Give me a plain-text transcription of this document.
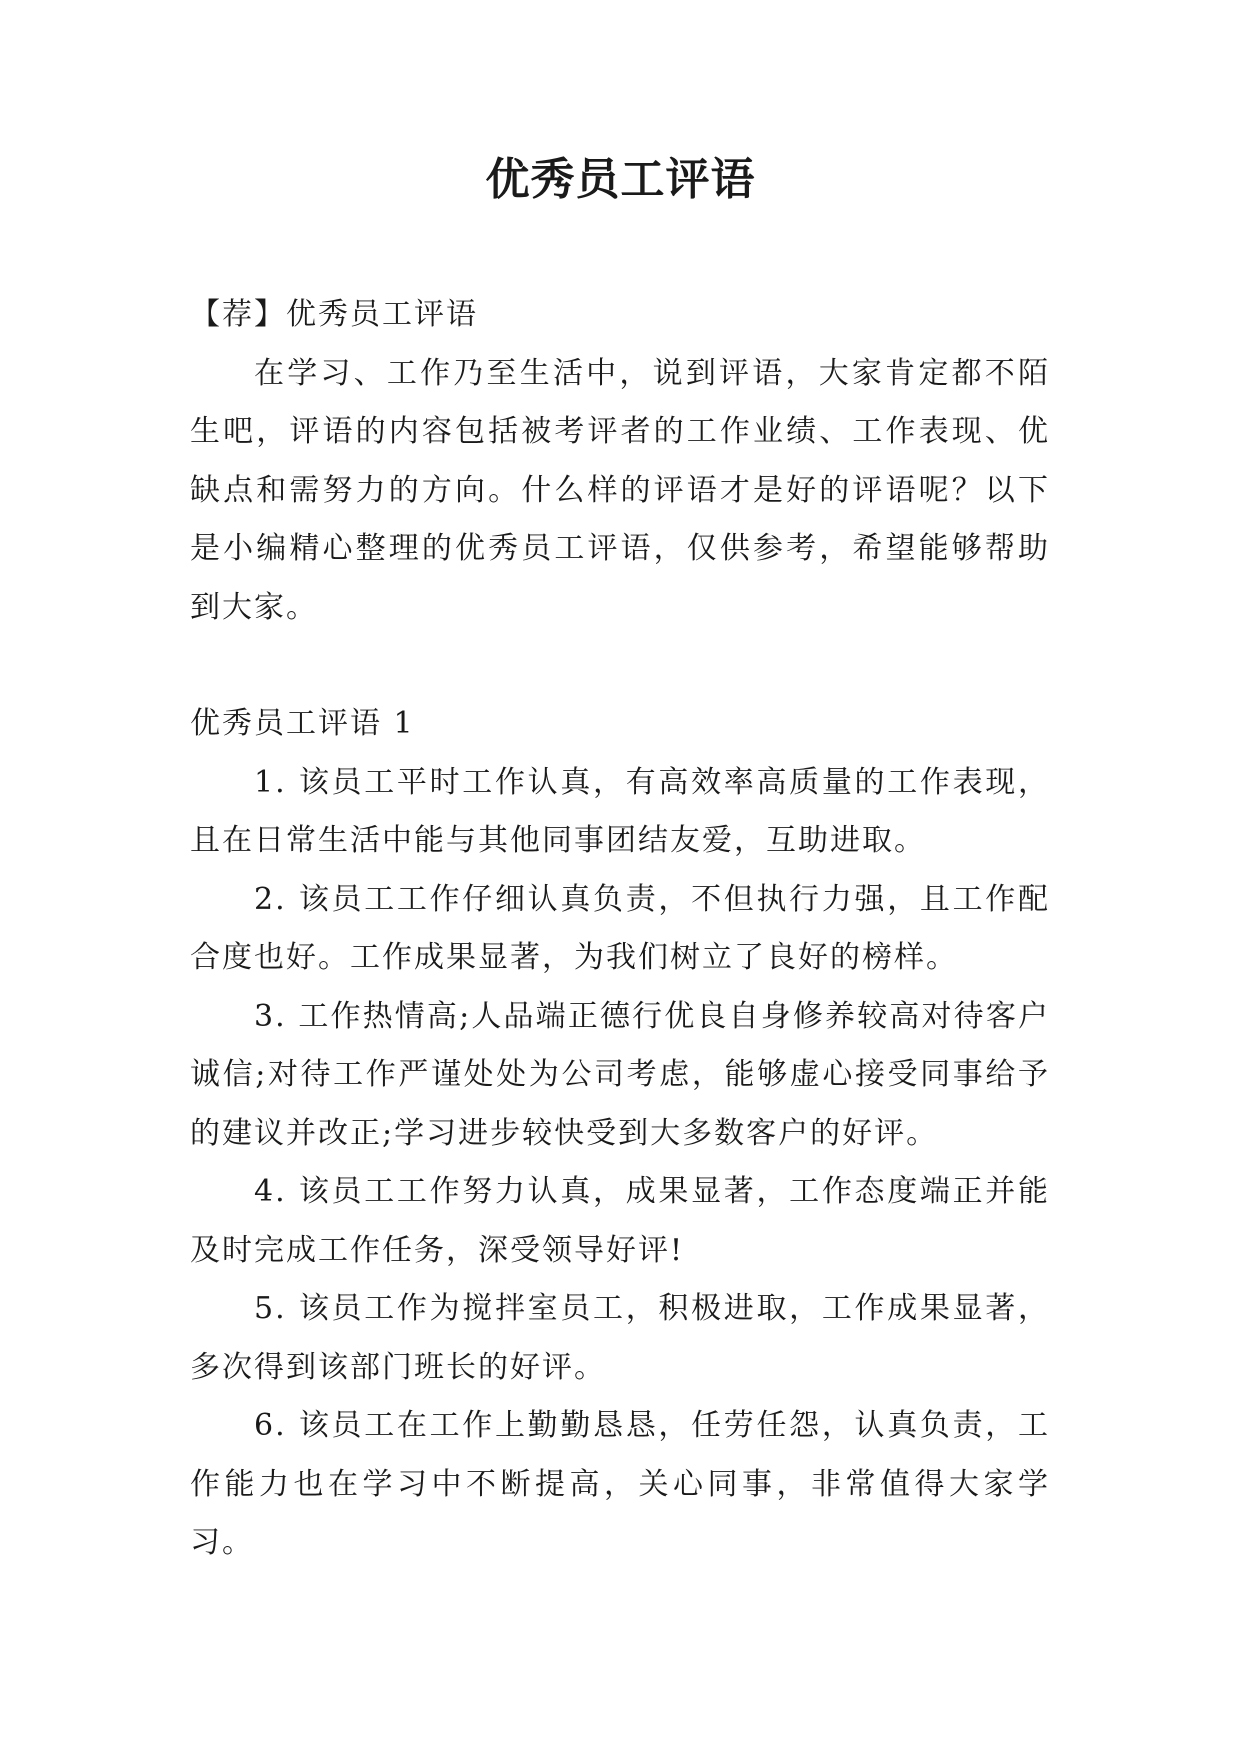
优秀员工评语

【荐】优秀员工评语

在学习、工作乃至生活中，说到评语，大家肯定都不陌生吧，评语的内容包括被考评者的工作业绩、工作表现、优缺点和需努力的方向。什么样的评语才是好的评语呢？以下是小编精心整理的优秀员工评语，仅供参考，希望能够帮助到大家。

优秀员工评语 1

1. 该员工平时工作认真，有高效率高质量的工作表现，且在日常生活中能与其他同事团结友爱，互助进取。

2. 该员工工作仔细认真负责，不但执行力强，且工作配合度也好。工作成果显著，为我们树立了良好的榜样。

3. 工作热情高;人品端正德行优良自身修养较高对待客户诚信;对待工作严谨处处为公司考虑，能够虚心接受同事给予的建议并改正;学习进步较快受到大多数客户的好评。

4. 该员工工作努力认真，成果显著，工作态度端正并能及时完成工作任务，深受领导好评!

5. 该员工作为搅拌室员工，积极进取，工作成果显著，多次得到该部门班长的好评。

6. 该员工在工作上勤勤恳恳，任劳任怨，认真负责，工作能力也在学习中不断提高，关心同事，非常值得大家学习。
